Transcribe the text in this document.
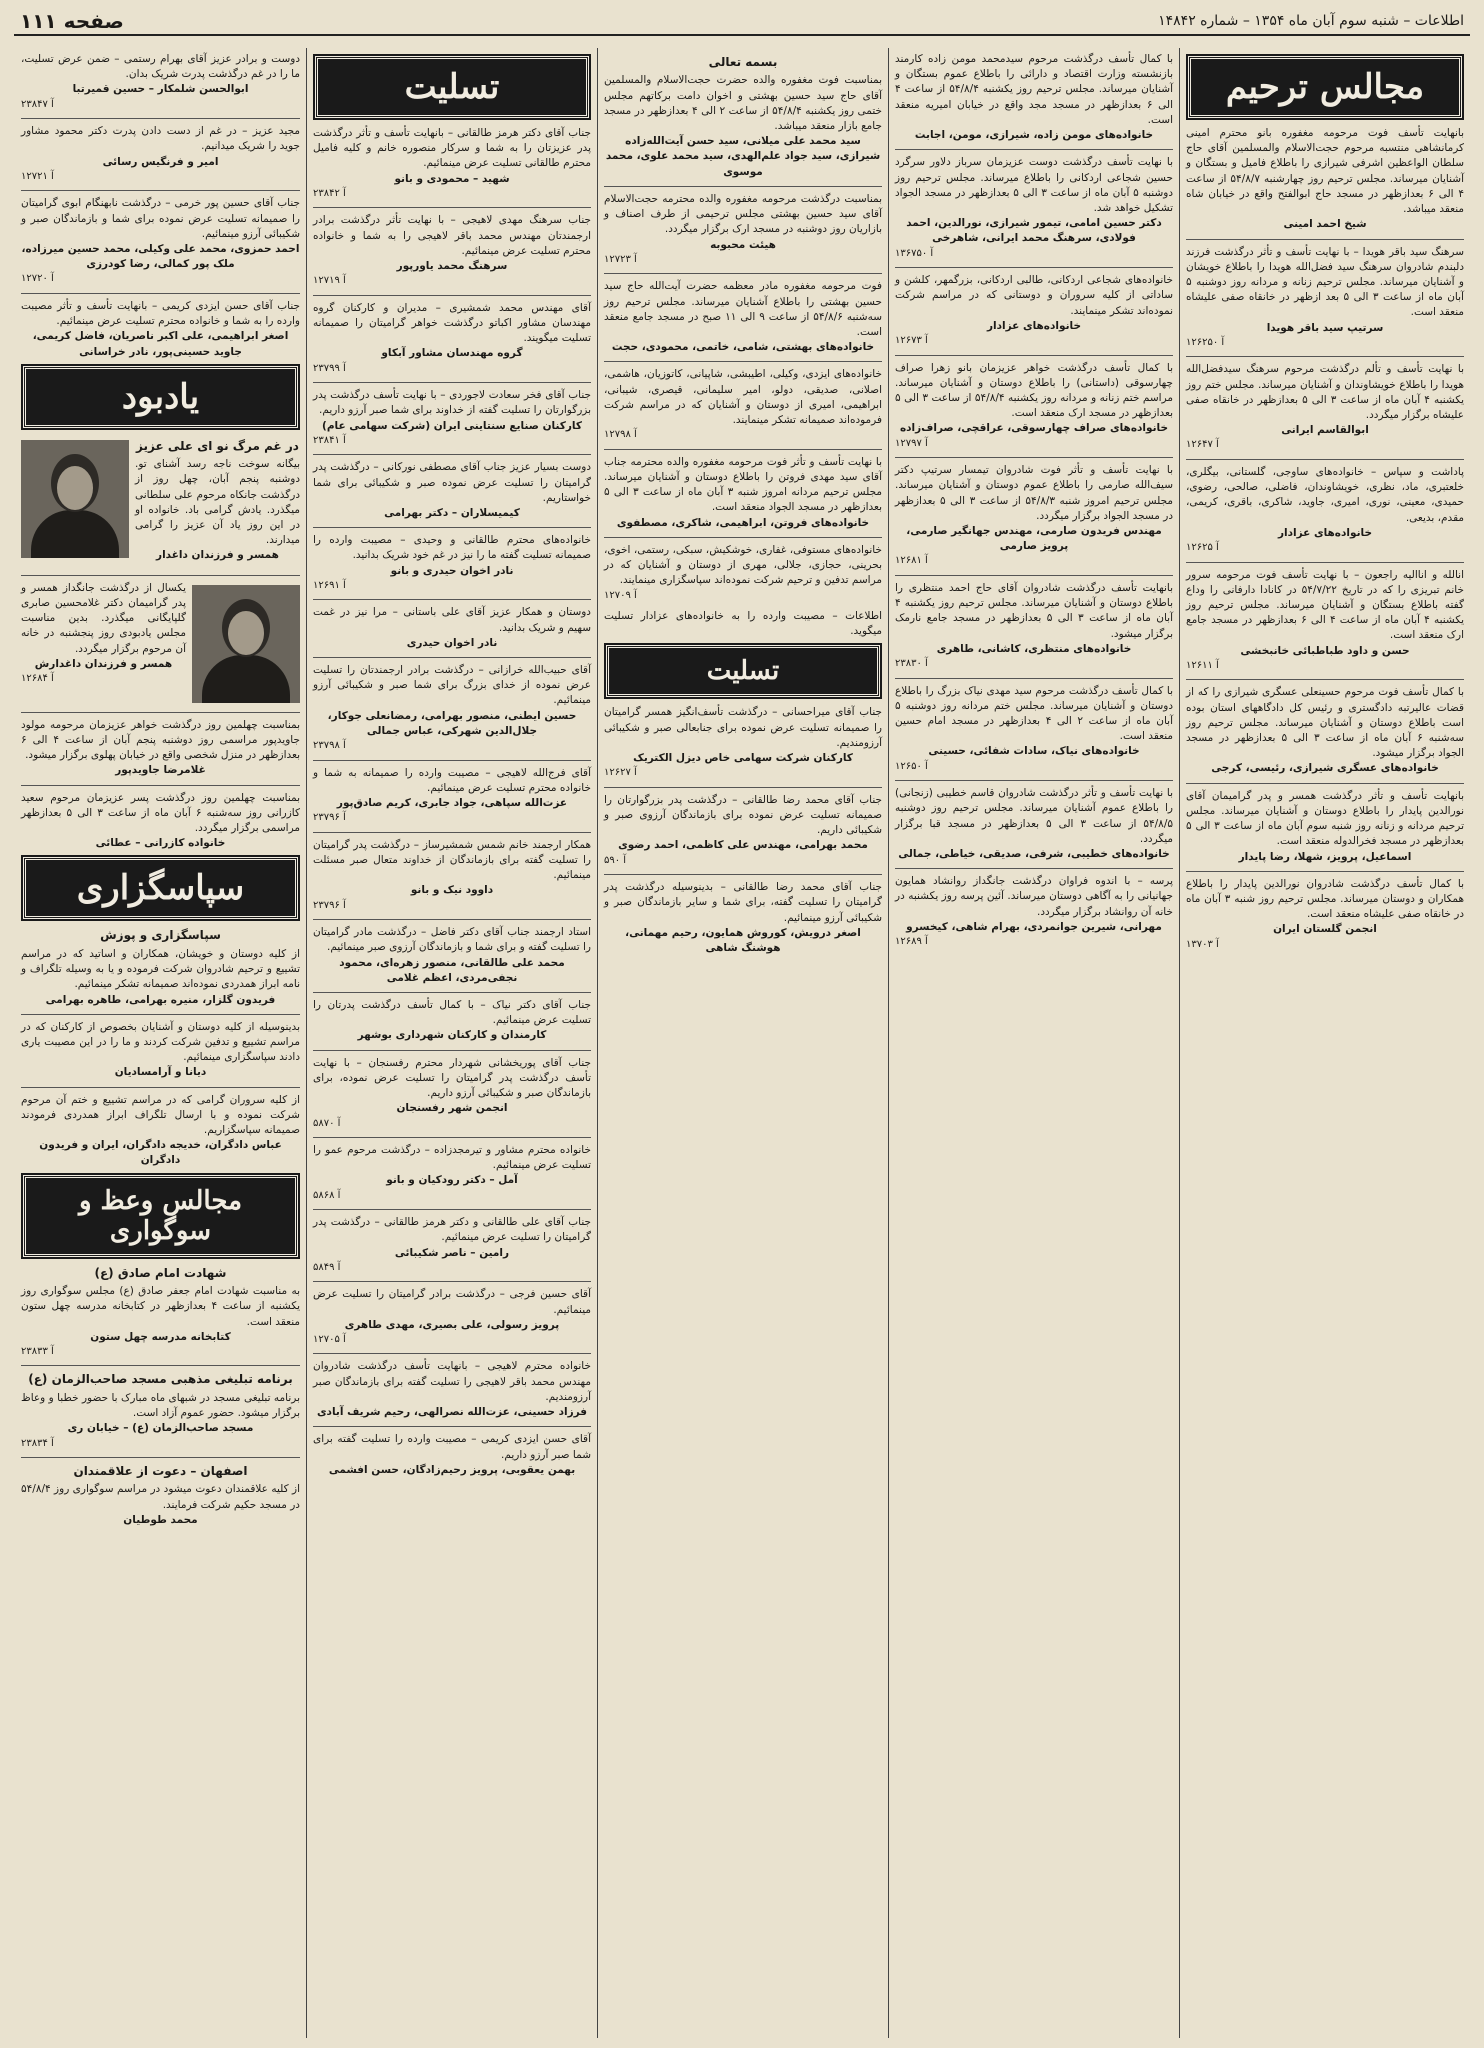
اطلاعات – شنبه سوم آبان ماه ۱۳۵۴ – شماره ۱۴۸۴۲
صفحه ۱۱۱
مجالس ترحیم
بانهایت تأسف فوت مرحومه مغفوره بانو محترم امینی کرمانشاهی منتسبه مرحوم حجت‌الاسلام والمسلمین آقای حاج سلطان الواعظین اشرفی شیرازی را باطلاع فامیل و بستگان و آشنایان میرساند. مجلس ترحیم روز چهارشنبه ۵۴/۸/۷ از ساعت ۴ الی ۶ بعدازظهر در مسجد حاج ابوالفتح واقع در خیابان شاه منعقد میباشد.
شیخ احمد امینی
سرهنگ سید باقر هویدا – با نهایت تأسف و تأثر درگذشت فرزند دلبندم شادروان سرهنگ سید فضل‌الله هویدا را باطلاع خویشان و آشنایان میرساند. مجلس ترحیم زنانه و مردانه روز دوشنبه ۵ آبان ماه از ساعت ۳ الی ۵ بعد ازظهر در خانقاه صفی علیشاه منعقد است.
سرتیپ سید باقر هویدا
آ ۱۲۶۲۵۰
با نهایت تأسف و تألم درگذشت مرحوم سرهنگ سیدفضل‌الله هویدا را باطلاع خویشاوندان و آشنایان میرساند. مجلس ختم روز یکشنبه ۴ آبان ماه از ساعت ۳ الی ۵ بعدازظهر در خانقاه صفی علیشاه برگزار میگردد.
ابوالقاسم ایرانی
آ ۱۲۶۴۷
پاداشت و سپاس – خانواده‌های ساوجی، گلستانی، بیگلری، خلعتبری، ماد، نظری، خویشاوندان، فاضلی، صالحی، رضوی، حمیدی، معینی، نوری، امیری، جاوید، شاکری، باقری، کریمی، مقدم، بدیعی.
خانواده‌های عزادار
آ ۱۲۶۲۵
انالله و اناالیه راجعون – با نهایت تأسف فوت مرحومه سرور خانم تبریزی را که در تاریخ ۵۴/۷/۲۲ در کانادا دارفانی را وداع گفته باطلاع بستگان و آشنایان میرساند. مجلس ترحیم روز یکشنبه ۴ آبان ماه از ساعت ۴ الی ۶ بعدازظهر در مسجد جامع ارک منعقد است.
حسن و داود طباطبائی خانبخشی
آ ۱۲۶۱۱
با کمال تأسف فوت مرحوم حسینعلی عسگری شیرازی را که از قضات عالیرتبه دادگستری و رئیس کل دادگاههای استان بوده است باطلاع دوستان و آشنایان میرساند. مجلس ترحیم روز سه‌شنبه ۶ آبان ماه از ساعت ۳ الی ۵ بعدازظهر در مسجد الجواد برگزار میشود.
خانواده‌های عسگری شیرازی، رئیسی، کرجی
بانهایت تأسف و تأثر درگذشت همسر و پدر گرامیمان آقای نورالدین پایدار را باطلاع دوستان و آشنایان میرساند. مجلس ترحیم مردانه و زنانه روز شنبه سوم آبان ماه از ساعت ۳ الی ۵ بعدازظهر در مسجد فخرالدوله منعقد است.
اسماعیل، پرویز، شهلا، رضا پایدار
با کمال تأسف درگذشت شادروان نورالدین پایدار را باطلاع همکاران و دوستان میرساند. مجلس ترحیم روز شنبه ۳ آبان ماه در خانقاه صفی علیشاه منعقد است.
انجمن گلستان ایران
آ ۱۳۷۰۳
با کمال تأسف درگذشت مرحوم سیدمحمد مومن زاده کارمند بازنشسته وزارت اقتصاد و دارائی را باطلاع عموم بستگان و آشنایان میرساند. مجلس ترحیم روز یکشنبه ۵۴/۸/۴ از ساعت ۴ الی ۶ بعدازظهر در مسجد مجد واقع در خیابان امیریه منعقد است.
خانواده‌های مومن زاده، شیرازی، مومن، اجابت
با نهایت تأسف درگذشت دوست عزیزمان سرباز دلاور سرگرد حسین شجاعی اردکانی را باطلاع میرساند. مجلس ترحیم روز دوشنبه ۵ آبان ماه از ساعت ۳ الی ۵ بعدازظهر در مسجد الجواد تشکیل خواهد شد.
دکتر حسین امامی، تیمور شیرازی، نورالدین، احمد فولادی، سرهنگ محمد ایرانی، شاهرخی
آ ۱۳۶۷۵۰
خانواده‌های شجاعی اردکانی، طالبی اردکانی، بزرگمهر، کلشن و ساداتی از کلیه سروران و دوستانی که در مراسم شرکت نموده‌اند تشکر مینمایند.
خانواده‌های عزادار
آ ۱۲۶۷۳
با کمال تأسف درگذشت خواهر عزیزمان بانو زهرا صراف چهارسوقی (داستانی) را باطلاع دوستان و آشنایان میرساند. مراسم ختم زنانه و مردانه روز یکشنبه ۵۴/۸/۴ از ساعت ۳ الی ۵ بعدازظهر در مسجد ارک منعقد است.
خانواده‌های صراف چهارسوقی، عراقچی، صراف‌زاده
آ ۱۲۷۹۷
با نهایت تأسف و تأثر فوت شادروان تیمسار سرتیپ دکتر سیف‌الله صارمی را باطلاع عموم دوستان و آشنایان میرساند. مجلس ترحیم امروز شنبه ۵۴/۸/۳ از ساعت ۳ الی ۵ بعدازظهر در مسجد الجواد برگزار میگردد.
مهندس فریدون صارمی، مهندس جهانگیر صارمی، پرویز صارمی
آ ۱۲۶۸۱
بانهایت تأسف درگذشت شادروان آقای حاج احمد منتظری را باطلاع دوستان و آشنایان میرساند. مجلس ترحیم روز یکشنبه ۴ آبان ماه از ساعت ۳ الی ۵ بعدازظهر در مسجد جامع نارمک برگزار میشود.
خانواده‌های منتظری، کاشانی، طاهری
آ ۲۳۸۳۰
با کمال تأسف درگذشت مرحوم سید مهدی نیاک بزرگ را باطلاع دوستان و آشنایان میرساند. مجلس ختم مردانه روز دوشنبه ۵ آبان ماه از ساعت ۲ الی ۴ بعدازظهر در مسجد امام حسین منعقد است.
خانواده‌های نیاک، سادات شفائی، حسینی
آ ۱۲۶۵۰
با نهایت تأسف و تأثر درگذشت شادروان قاسم خطیبی (زنجانی) را باطلاع عموم آشنایان میرساند. مجلس ترحیم روز دوشنبه ۵۴/۸/۵ از ساعت ۳ الی ۵ بعدازظهر در مسجد قبا برگزار میگردد.
خانواده‌های خطیبی، شرفی، صدیقی، خیاطی، جمالی
پرسه – با اندوه فراوان درگذشت جانگداز روانشاد همایون جهانیانی را به آگاهی دوستان میرساند. آئین پرسه روز یکشنبه در خانه آن روانشاد برگزار میگردد.
مهرانی، شیرین جوانمردی، بهرام شاهی، کیخسرو
آ ۱۲۶۸۹
بسمه تعالی
بمناسبت فوت مغفوره والده حضرت حجت‌الاسلام والمسلمین آقای حاج سید حسین بهشتی و اخوان دامت برکاتهم مجلس ختمی روز یکشنبه ۵۴/۸/۴ از ساعت ۲ الی ۴ بعدازظهر در مسجد جامع بازار منعقد میباشد.
سید محمد علی میلانی، سید حسن آیت‌الله‌زاده شیرازی، سید جواد علم‌الهدی، سید محمد علوی، محمد موسوی
بمناسبت درگذشت مرحومه مغفوره والده محترمه حجت‌الاسلام آقای سید حسین بهشتی مجلس ترحیمی از طرف اصناف و بازاریان روز دوشنبه در مسجد ارک برگزار میگردد.
هیئت محبوبه
آ ۱۲۷۲۳
فوت مرحومه مغفوره مادر معظمه حضرت آیت‌الله حاج سید حسین بهشتی را باطلاع آشنایان میرساند. مجلس ترحیم روز سه‌شنبه ۵۴/۸/۶ از ساعت ۹ الی ۱۱ صبح در مسجد جامع منعقد است.
خانواده‌های بهشتی، شامی، خاتمی، محمودی، حجت
خانواده‌های ایزدی، وکیلی، اطیبشی، شاپیانی، کاتوزیان، هاشمی، اصلانی، صدیقی، دولو، امیر سلیمانی، قیصری، شیبانی، ابراهیمی، امیری از دوستان و آشنایان که در مراسم شرکت فرموده‌اند صمیمانه تشکر مینمایند.
آ ۱۲۷۹۸
با نهایت تأسف و تأثر فوت مرحومه مغفوره والده محترمه جناب آقای سید مهدی فروتن را باطلاع دوستان و آشنایان میرساند. مجلس ترحیم مردانه امروز شنبه ۳ آبان ماه از ساعت ۳ الی ۵ بعدازظهر در مسجد الجواد منعقد است.
خانواده‌های فروتن، ابراهیمی، شاکری، مصطفوی
خانواده‌های مستوفی، غفاری، خوشکیش، سبکی، رستمی، اخوی، بحرینی، حجازی، جلالی، مهری از دوستان و آشنایان که در مراسم تدفین و ترحیم شرکت نموده‌اند سپاسگزاری مینمایند.
آ ۱۲۷۰۹
اطلاعات – مصیبت وارده را به خانواده‌های عزادار تسلیت میگوید.
تسلیت
جناب آقای میراحسانی – درگذشت تأسف‌انگیز همسر گرامیتان را صمیمانه تسلیت عرض نموده برای جنابعالی صبر و شکیبائی آرزومندیم.
کارکنان شرکت سهامی خاص دیزل الکتریک
آ ۱۲۶۲۷
جناب آقای محمد رضا طالقانی – درگذشت پدر بزرگوارتان را صمیمانه تسلیت عرض نموده برای بازماندگان آرزوی صبر و شکیبائی داریم.
محمد بهرامی، مهندس علی کاظمی، احمد رضوی
آ ۵۹۰
جناب آقای محمد رضا طالقانی – بدینوسیله درگذشت پدر گرامیتان را تسلیت گفته، برای شما و سایر بازماندگان صبر و شکیبائی آرزو مینمائیم.
اصغر درویش، کوروش همایون، رحیم مهمانی، هوشنگ شاهی
تسلیت
جناب آقای دکتر هرمز طالقانی – بانهایت تأسف و تأثر درگذشت پدر عزیزتان را به شما و سرکار منصوره خانم و کلیه فامیل محترم طالقانی تسلیت عرض مینمائیم.
شهید – محمودی و بانو
آ ۲۳۸۴۲
جناب سرهنگ مهدی لاهیجی – با نهایت تأثر درگذشت برادر ارجمندتان مهندس محمد باقر لاهیجی را به شما و خانواده محترم تسلیت عرض مینمائیم.
سرهنگ محمد یاورپور
آ ۱۲۷۱۹
آقای مهندس محمد شمشیری – مدیران و کارکنان گروه مهندسان مشاور اکباتو درگذشت خواهر گرامیتان را صمیمانه تسلیت میگویند.
گروه مهندسان مشاور آبکاو
آ ۲۳۷۹۹
جناب آقای فخر سعادت لاجوردی – با نهایت تأسف درگذشت پدر بزرگوارتان را تسلیت گفته از خداوند برای شما صبر آرزو داریم.
کارکنان صنایع سنتاینی ایران (شرکت سهامی عام)
آ ۲۳۸۴۱
دوست بسیار عزیز جناب آقای مصطفی نورکانی – درگذشت پدر گرامیتان را تسلیت عرض نموده صبر و شکیبائی برای شما خواستاریم.
کیمیسلاران – دکتر بهرامی
خانواده‌های محترم طالقانی و وحیدی – مصیبت وارده را صمیمانه تسلیت گفته ما را نیز در غم خود شریک بدانید.
نادر اخوان حیدری و بانو
آ ۱۲۶۹۱
دوستان و همکار عزیز آقای علی باستانی – مرا نیز در غمت سهیم و شریک بدانید.
نادر اخوان حیدری
آقای حبیب‌الله خرازانی – درگذشت برادر ارجمندتان را تسلیت عرض نموده از خدای بزرگ برای شما صبر و شکیبائی آرزو مینمائیم.
حسین ایطنی، منصور بهرامی، رمضانعلی جوکار، جلال‌الدین شهرکی، عباس جمالی
آ ۲۳۷۹۸
آقای فرج‌الله لاهیجی – مصیبت وارده را صمیمانه به شما و خانواده محترم تسلیت عرض مینمائیم.
عزت‌الله سپاهی، جواد جابری، کریم صادق‌پور
آ ۲۳۷۹۶
همکار ارجمند خانم شمس شمشیرساز – درگذشت پدر گرامیتان را تسلیت گفته برای بازماندگان از خداوند متعال صبر مسئلت مینمائیم.
داوود نیک و بانو
آ ۲۳۷۹۶
استاد ارجمند جناب آقای دکتر فاضل – درگذشت مادر گرامیتان را تسلیت گفته و برای شما و بازماندگان آرزوی صبر مینمائیم.
محمد علی طالقانی، منصور زهره‌ای، محمود نجفی‌مردی، اعظم غلامی
جناب آقای دکتر نیاک – با کمال تأسف درگذشت پدرتان را تسلیت عرض مینمائیم.
کارمندان و کارکنان شهرداری بوشهر
جناب آقای پوریخشانی شهردار محترم رفسنجان – با نهایت تأسف درگذشت پدر گرامیتان را تسلیت عرض نموده، برای بازماندگان صبر و شکیبائی آرزو داریم.
انجمن شهر رفسنجان
آ ۵۸۷۰
خانواده محترم مشاور و تیرمجدزاده – درگذشت مرحوم عمو را تسلیت عرض مینمائیم.
آمل – دکتر رودکیان و بانو
آ ۵۸۶۸
جناب آقای علی طالقانی و دکتر هرمز طالقانی – درگذشت پدر گرامیتان را تسلیت عرض مینمائیم.
رامین – ناصر شکیبائی
آ ۵۸۴۹
آقای حسین فرجی – درگذشت برادر گرامیتان را تسلیت عرض مینمائیم.
پرویز رسولی، علی بصیری، مهدی طاهری
آ ۱۲۷۰۵
خانواده محترم لاهیجی – بانهایت تأسف درگذشت شادروان مهندس محمد باقر لاهیجی را تسلیت گفته برای بازماندگان صبر آرزومندیم.
فرزاد حسینی، عزت‌الله نصرالهی، رحیم شریف آبادی
آقای حسن ایزدی کریمی – مصیبت وارده را تسلیت گفته برای شما صبر آرزو داریم.
بهمن یعقوبی، پرویز رحیم‌زادگان، حسن افشمی
دوست و برادر عزیز آقای بهرام رستمی – ضمن عرض تسلیت، ما را در غم درگذشت پدرت شریک بدان.
ابوالحسن شلمکار – حسین قمیرتبا
آ ۲۳۸۴۷
مجید عزیز – در غم از دست دادن پدرت دکتر محمود مشاور جوید را شریک میدانیم.
امیر و فرنگیس رسائی
آ ۱۲۷۲۱
جناب آقای حسین پور خرمی – درگذشت نابهنگام ابوی گرامیتان را صمیمانه تسلیت عرض نموده برای شما و بازماندگان صبر و شکیبائی آرزو مینمائیم.
احمد حمزوی، محمد علی وکیلی، محمد حسین میرزاده، ملک پور کمالی، رضا کودرزی
آ ۱۲۷۲۰
جناب آقای حسن ایزدی کریمی – بانهایت تأسف و تأثر مصیبت وارده را به شما و خانواده محترم تسلیت عرض مینمائیم.
اصغر ابراهیمی، علی اکبر ناصریان، فاضل کریمی، جاوید حسینی‌پور، نادر خراسانی
یادبود
در غم مرگ نو ای علی عزیز
بیگانه سوخت ناجه رسد آشنای تو. دوشنبه پنجم آبان، چهل روز از درگذشت جانکاه مرحوم علی سلطانی میگذرد. یادش گرامی باد. خانواده او در این روز یاد آن عزیز را گرامی میدارند.
همسر و فرزندان داغدار
یکسال از درگذشت جانگداز همسر و پدر گرامیمان دکتر غلامحسین صابری گلپایگانی میگذرد. بدین مناسبت مجلس یادبودی روز پنجشنبه در خانه آن مرحوم برگزار میگردد.
همسر و فرزندان داغدارش
آ ۱۲۶۸۴
بمناسبت چهلمین روز درگذشت خواهر عزیزمان مرحومه مولود جاویدپور مراسمی روز دوشنبه پنجم آبان از ساعت ۴ الی ۶ بعدازظهر در منزل شخصی واقع در خیابان پهلوی برگزار میشود.
غلامرضا جاویدپور
بمناسبت چهلمین روز درگذشت پسر عزیزمان مرحوم سعید کازرانی روز سه‌شنبه ۶ آبان ماه از ساعت ۳ الی ۵ بعدازظهر مراسمی برگزار میگردد.
خانواده کازرانی – عطائی
سپاسگزاری
سپاسگزاری و پوزش
از کلیه دوستان و خویشان، همکاران و اساتید که در مراسم تشییع و ترحیم شادروان شرکت فرموده و یا به وسیله تلگراف و نامه ابراز همدردی نموده‌اند صمیمانه تشکر مینمائیم.
فریدون گلزار، منیره بهرامی، طاهره بهرامی
بدینوسیله از کلیه دوستان و آشنایان بخصوص از کارکنان که در مراسم تشییع و تدفین شرکت کردند و ما را در این مصیبت یاری دادند سپاسگزاری مینمائیم.
دیانا و آرامسادیان
از کلیه سروران گرامی که در مراسم تشییع و ختم آن مرحوم شرکت نموده و با ارسال تلگراف ابراز همدردی فرمودند صمیمانه سپاسگزاریم.
عباس دادگران، خدیجه دادگران، ایران و فریدون دادگران
مجالس وعظ و سوگواری
شهادت امام صادق (ع)
به مناسبت شهادت امام جعفر صادق (ع) مجلس سوگواری روز یکشنبه از ساعت ۴ بعدازظهر در کتابخانه مدرسه چهل ستون منعقد است.
کتابخانه مدرسه چهل ستون
آ ۲۳۸۳۳
برنامه تبلیغی مذهبی مسجد صاحب‌الزمان (ع)
برنامه تبلیغی مسجد در شبهای ماه مبارک با حضور خطبا و وعاظ برگزار میشود. حضور عموم آزاد است.
مسجد صاحب‌الزمان (ع) – خیابان ری
آ ۲۳۸۳۴
اصفهان – دعوت از علاقمندان
از کلیه علاقمندان دعوت میشود در مراسم سوگواری روز ۵۴/۸/۴ در مسجد حکیم شرکت فرمایند.
محمد طوطیان
